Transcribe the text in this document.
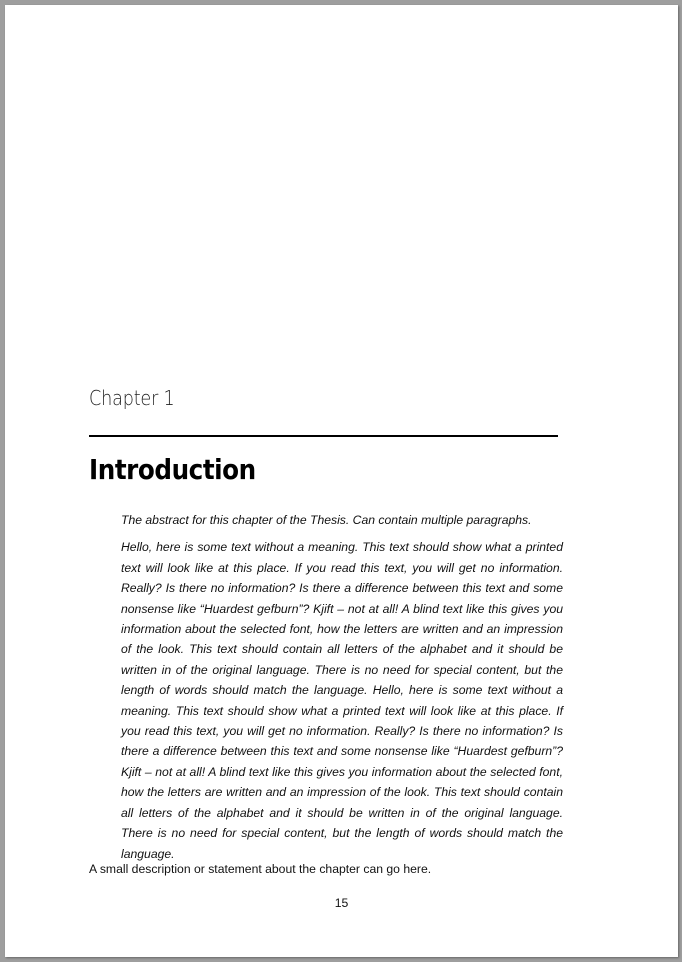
Chapter 1
Introduction

The abstract for this chapter of the Thesis. Can contain multiple paragraphs.

Hello, here is some text without a meaning. This text should show what a printed text will look like at this place. If you read this text, you will get no information. Really? Is there no information? Is there a difference between this text and some nonsense like “Huardest gefburn”? Kjift – not at all! A blind text like this gives you information about the selected font, how the letters are written and an impression of the look. This text should contain all letters of the alphabet and it should be written in of the original language. There is no need for special content, but the length of words should match the language. Hello, here is some text without a meaning. This text should show what a printed text will look like at this place. If you read this text, you will get no information. Really? Is there no information? Is there a difference between this text and some nonsense like “Huardest gefburn”? Kjift – not at all! A blind text like this gives you information about the selected font, how the letters are written and an impression of the look. This text should contain all letters of the alphabet and it should be written in of the original language. There is no need for special content, but the length of words should match the language.

A small description or statement about the chapter can go here.
15
